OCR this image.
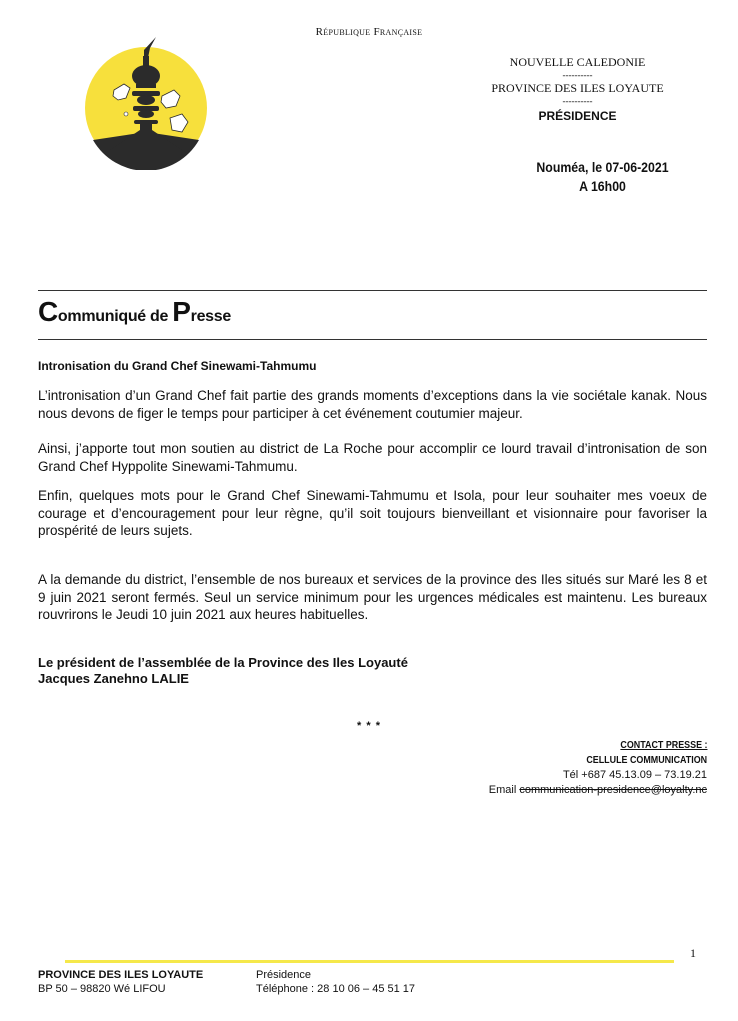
République Française
NOUVELLE CALEDONIE
----------
PROVINCE DES ILES LOYAUTE
----------
PRÉSIDENCE
Nouméa, le 07-06-2021
A 16h00
Communiqué de Presse
Intronisation du Grand Chef Sinewami-Tahmumu
L’intronisation d’un Grand Chef fait partie des grands moments d’exceptions dans la vie sociétale kanak. Nous nous devons de figer le temps pour participer à cet événement coutumier majeur.
Ainsi, j’apporte tout mon soutien au district de La Roche pour accomplir ce lourd travail d’intronisation de son Grand Chef Hyppolite Sinewami-Tahmumu.
Enfin, quelques mots pour le Grand Chef Sinewami-Tahmumu et Isola, pour leur souhaiter mes voeux de courage et d’encouragement pour leur règne, qu’il soit toujours bienveillant et visionnaire pour favoriser la prospérité de leurs sujets.
A la demande du district, l’ensemble de nos bureaux et services de la province des Iles situés sur Maré les 8 et 9 juin 2021 seront fermés. Seul un service minimum pour les urgences médicales est maintenu. Les bureaux rouvrirons le Jeudi 10 juin 2021 aux heures habituelles.
Le président de l’assemblée de la Province des Iles Loyauté
Jacques Zanehno LALIE
* * *
CONTACT PRESSE :
CELLULE COMMUNICATION
Tél +687 45.13.09 – 73.19.21
Email communication-presidence@loyalty.nc
1
PROVINCE DES ILES LOYAUTE
BP 50 – 98820 Wé LIFOU
Présidence
Téléphone : 28 10 06 – 45 51 17
